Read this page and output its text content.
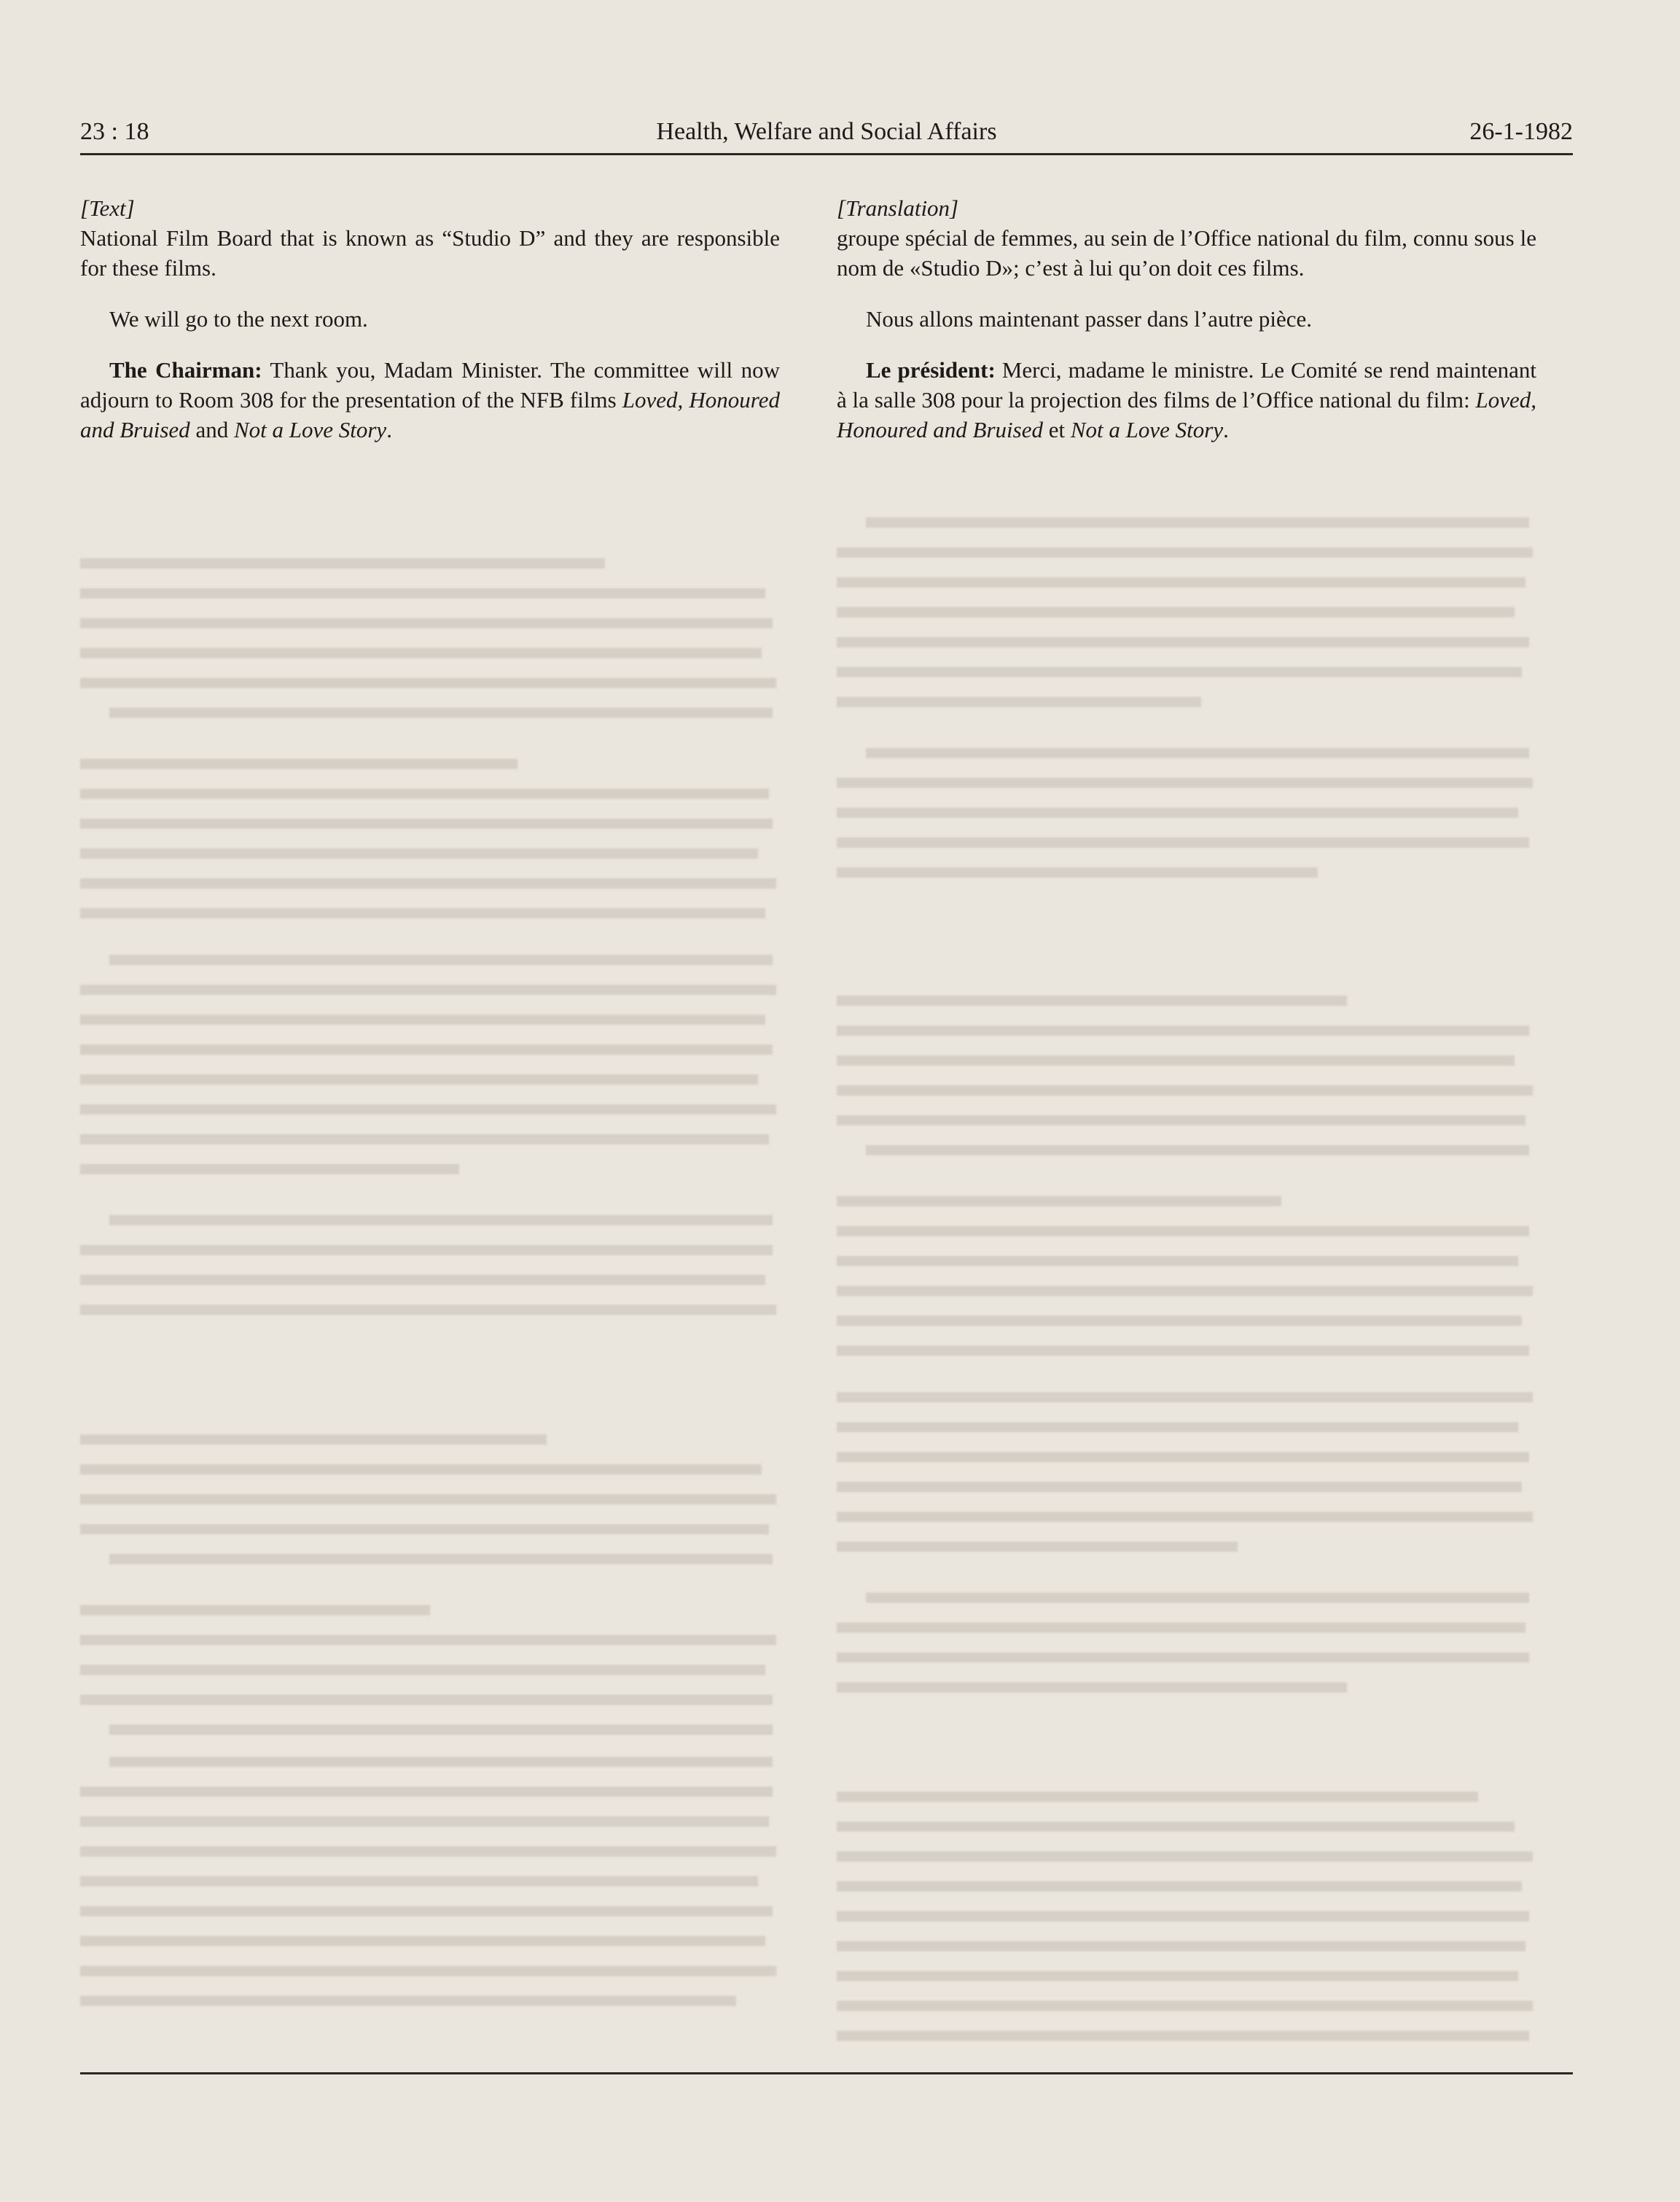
23 : 18	Health, Welfare and Social Affairs	26-1-1982

[Text]

National Film Board that is known as “Studio D” and they are responsible for these films.

We will go to the next room.

The Chairman: Thank you, Madam Minister. The committee will now adjourn to Room 308 for the presentation of the NFB films Loved, Honoured and Bruised and Not a Love Story.

[Translation]

groupe spécial de femmes, au sein de l’Office national du film, connu sous le nom de «Studio D»; c’est à lui qu’on doit ces films.

Nous allons maintenant passer dans l’autre pièce.

Le président: Merci, madame le ministre. Le Comité se rend maintenant à la salle 308 pour la projection des films de l’Office national du film: Loved, Honoured and Bruised et Not a Love Story.
